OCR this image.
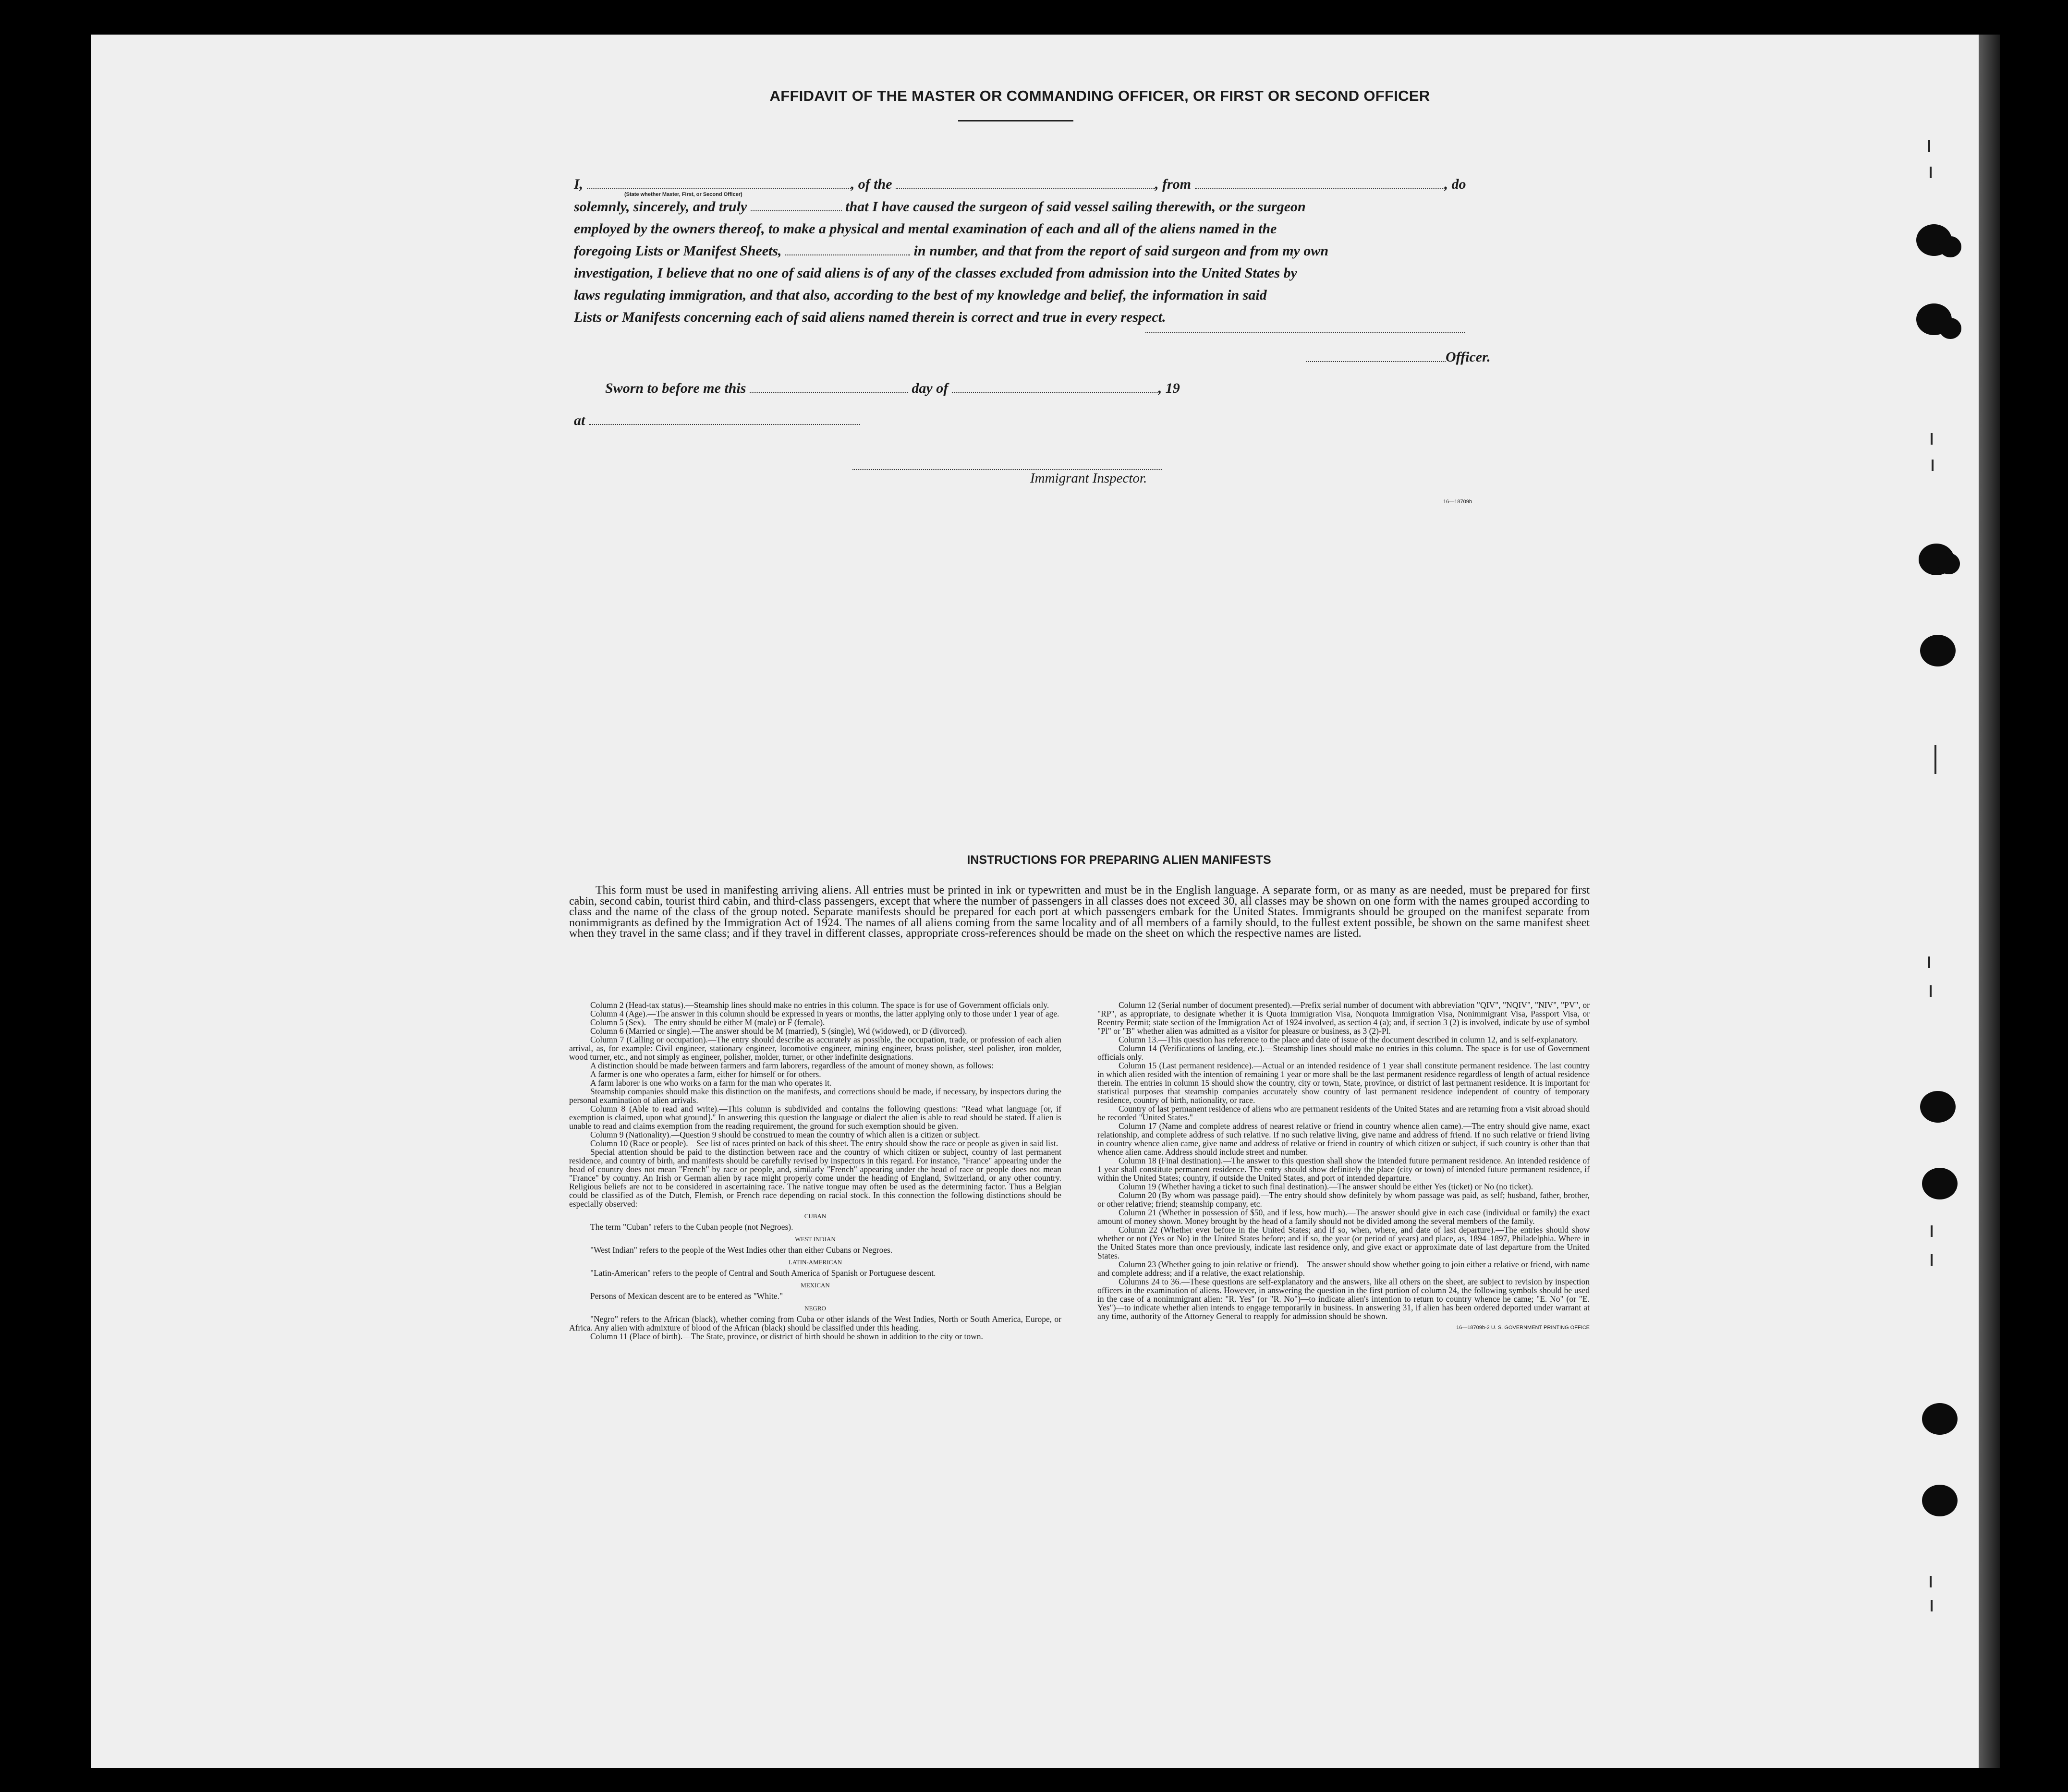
AFFIDAVIT OF THE MASTER OR COMMANDING OFFICER, OR FIRST OR SECOND OFFICER
I,	, of the	, from	, do
(State whether Master, First, or Second Officer)
solemnly, sincerely, and truly	that I have caused the surgeon of said vessel sailing therewith, or the surgeon
employed by the owners thereof, to make a physical and mental examination of each and all of the aliens named in the
foregoing Lists or Manifest Sheets,	in number, and that from the report of said surgeon and from my own
investigation, I believe that no one of said aliens is of any of the classes excluded from admission into the United States by
laws regulating immigration, and that also, according to the best of my knowledge and belief, the information in said
Lists or Manifests concerning each of said aliens named therein is correct and true in every respect.
Officer.
Sworn to before me this	day of	, 19
at
Immigrant Inspector.
16—18709b
INSTRUCTIONS FOR PREPARING ALIEN MANIFESTS
This form must be used in manifesting arriving aliens. All entries must be printed in ink or typewritten and must be in the English language. A separate form, or as many as are needed, must be prepared for first cabin, second cabin, tourist third cabin, and third-class passengers, except that where the number of passengers in all classes does not exceed 30, all classes may be shown on one form with the names grouped according to class and the name of the class of the group noted. Separate manifests should be prepared for each port at which passengers embark for the United States. Immigrants should be grouped on the manifest separate from nonimmigrants as defined by the Immigration Act of 1924. The names of all aliens coming from the same locality and of all members of a family should, to the fullest extent possible, be shown on the same manifest sheet when they travel in the same class; and if they travel in different classes, appropriate cross-references should be made on the sheet on which the respective names are listed.

Column 2 (Head-tax status).—Steamship lines should make no entries in this column. The space is for use of Government officials only.

Column 4 (Age).—The answer in this column should be expressed in years or months, the latter applying only to those under 1 year of age.

Column 5 (Sex).—The entry should be either M (male) or F (female).

Column 6 (Married or single).—The answer should be M (married), S (single), Wd (widowed), or D (divorced).

Column 7 (Calling or occupation).—The entry should describe as accurately as possible, the occupation, trade, or profession of each alien arrival, as, for example: Civil engineer, stationary engineer, locomotive engineer, mining engineer, brass polisher, steel polisher, iron molder, wood turner, etc., and not simply as engineer, polisher, molder, turner, or other indefinite designations.

A distinction should be made between farmers and farm laborers, regardless of the amount of money shown, as follows:

A farmer is one who operates a farm, either for himself or for others.

A farm laborer is one who works on a farm for the man who operates it.

Steamship companies should make this distinction on the manifests, and corrections should be made, if necessary, by inspectors during the personal examination of alien arrivals.

Column 8 (Able to read and write).—This column is subdivided and contains the following questions: "Read what language [or, if exemption is claimed, upon what ground]." In answering this question the language or dialect the alien is able to read should be stated. If alien is unable to read and claims exemption from the reading requirement, the ground for such exemption should be given.

Column 9 (Nationality).—Question 9 should be construed to mean the country of which alien is a citizen or subject.

Column 10 (Race or people).—See list of races printed on back of this sheet. The entry should show the race or people as given in said list.

Special attention should be paid to the distinction between race and the country of which citizen or subject, country of last permanent residence, and country of birth, and manifests should be carefully revised by inspectors in this regard. For instance, "France" appearing under the head of country does not mean "French" by race or people, and, similarly "French" appearing under the head of race or people does not mean "France" by country. An Irish or German alien by race might properly come under the heading of England, Switzerland, or any other country. Religious beliefs are not to be considered in ascertaining race. The native tongue may often be used as the determining factor. Thus a Belgian could be classified as of the Dutch, Flemish, or French race depending on racial stock. In this connection the following distinctions should be especially observed:

CUBAN

The term "Cuban" refers to the Cuban people (not Negroes).

WEST INDIAN

"West Indian" refers to the people of the West Indies other than either Cubans or Negroes.

LATIN-AMERICAN

"Latin-American" refers to the people of Central and South America of Spanish or Portuguese descent.

MEXICAN

Persons of Mexican descent are to be entered as "White."

NEGRO

"Negro" refers to the African (black), whether coming from Cuba or other islands of the West Indies, North or South America, Europe, or Africa. Any alien with admixture of blood of the African (black) should be classified under this heading.

Column 11 (Place of birth).—The State, province, or district of birth should be shown in addition to the city or town.

Column 12 (Serial number of document presented).—Prefix serial number of document with abbreviation "QIV", "NQIV", "NIV", "PV", or "RP", as appropriate, to designate whether it is Quota Immigration Visa, Nonquota Immigration Visa, Nonimmigrant Visa, Passport Visa, or Reentry Permit; state section of the Immigration Act of 1924 involved, as section 4 (a); and, if section 3 (2) is involved, indicate by use of symbol "Pl" or "B" whether alien was admitted as a visitor for pleasure or business, as 3 (2)-Pl.

Column 13.—This question has reference to the place and date of issue of the document described in column 12, and is self-explanatory.

Column 14 (Verifications of landing, etc.).—Steamship lines should make no entries in this column. The space is for use of Government officials only.

Column 15 (Last permanent residence).—Actual or an intended residence of 1 year shall constitute permanent residence. The last country in which alien resided with the intention of remaining 1 year or more shall be the last permanent residence regardless of length of actual residence therein. The entries in column 15 should show the country, city or town, State, province, or district of last permanent residence. It is important for statistical purposes that steamship companies accurately show country of last permanent residence independent of country of temporary residence, country of birth, nationality, or race.

Country of last permanent residence of aliens who are permanent residents of the United States and are returning from a visit abroad should be recorded "United States."

Column 17 (Name and complete address of nearest relative or friend in country whence alien came).—The entry should give name, exact relationship, and complete address of such relative. If no such relative living, give name and address of friend. If no such relative or friend living in country whence alien came, give name and address of relative or friend in country of which citizen or subject, if such country is other than that whence alien came. Address should include street and number.

Column 18 (Final destination).—The answer to this question shall show the intended future permanent residence. An intended residence of 1 year shall constitute permanent residence. The entry should show definitely the place (city or town) of intended future permanent residence, if within the United States; country, if outside the United States, and port of intended departure.

Column 19 (Whether having a ticket to such final destination).—The answer should be either Yes (ticket) or No (no ticket).

Column 20 (By whom was passage paid).—The entry should show definitely by whom passage was paid, as self; husband, father, brother, or other relative; friend; steamship company, etc.

Column 21 (Whether in possession of $50, and if less, how much).—The answer should give in each case (individual or family) the exact amount of money shown. Money brought by the head of a family should not be divided among the several members of the family.

Column 22 (Whether ever before in the United States; and if so, when, where, and date of last departure).—The entries should show whether or not (Yes or No) in the United States before; and if so, the year (or period of years) and place, as, 1894–1897, Philadelphia. Where in the United States more than once previously, indicate last residence only, and give exact or approximate date of last departure from the United States.

Column 23 (Whether going to join relative or friend).—The answer should show whether going to join either a relative or friend, with name and complete address; and if a relative, the exact relationship.

Columns 24 to 36.—These questions are self-explanatory and the answers, like all others on the sheet, are subject to revision by inspection officers in the examination of aliens. However, in answering the question in the first portion of column 24, the following symbols should be used in the case of a nonimmigrant alien: "R. Yes" (or "R. No")—to indicate alien's intention to return to country whence he came; "E. No" (or "E. Yes")—to indicate whether alien intends to engage temporarily in business. In answering 31, if alien has been ordered deported under warrant at any time, authority of the Attorney General to reapply for admission should be shown.

16—18709b-2 U. S. GOVERNMENT PRINTING OFFICE
